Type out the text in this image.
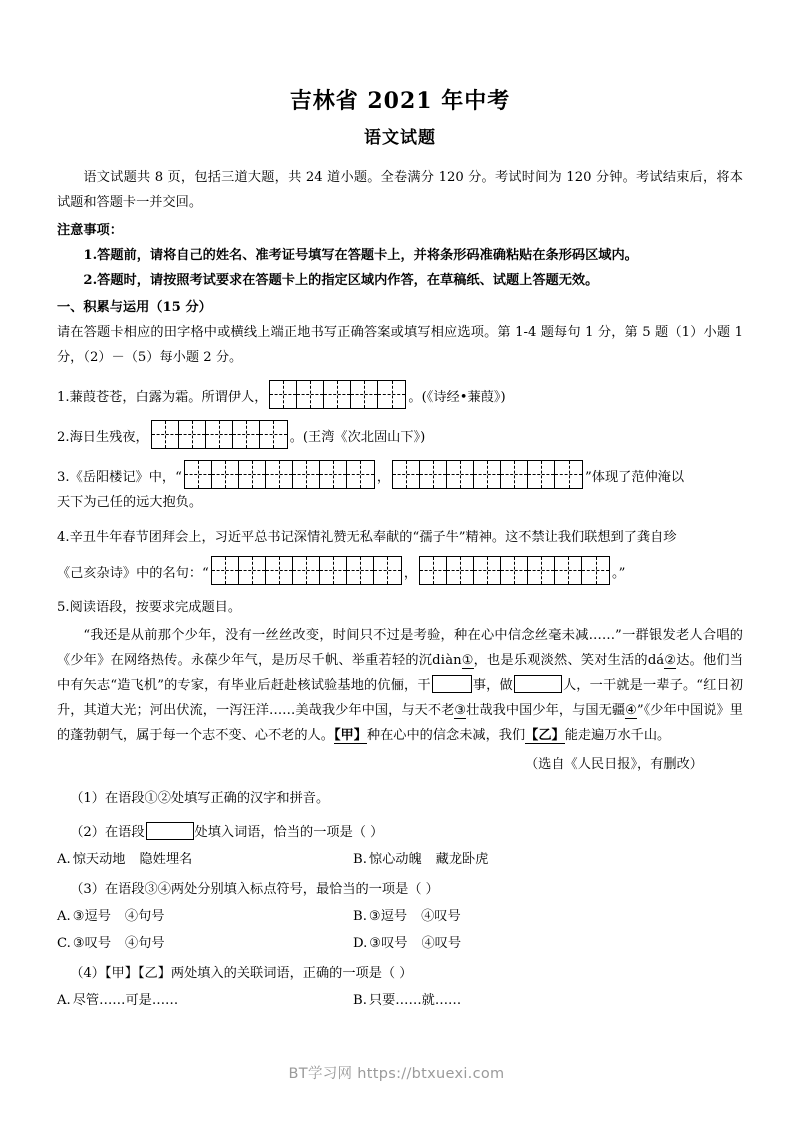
吉林省 2021 年中考
语文试题

语文试题共 8 页，包括三道大题，共 24 道小题。全卷满分 120 分。考试时间为 120 分钟。考试结束后，将本试题和答题卡一并交回。

注意事项：

1.答题前，请将自己的姓名、准考证号填写在答题卡上，并将条形码准确粘贴在条形码区域内。

2.答题时，请按照考试要求在答题卡上的指定区域内作答，在草稿纸、试题上答题无效。

一、积累与运用（15 分）

请在答题卡相应的田字格中或横线上端正地书写正确答案或填写相应选项。第 1-4 题每句 1 分，第 5 题（1）小题 1 分，（2）－（5）每小题 2 分。

1. 蒹葭苍苍，白露为霜。所谓伊人，	。(《诗经•蒹葭》)
2. 海日生残夜，	。(王湾《次北固山下》)
3. 《岳阳楼记》中，“	，	”体现了范仲淹以
天下为己任的远大抱负。
4.辛丑牛年春节团拜会上，习近平总书记深情礼赞无私奉献的“孺子牛”精神。这不禁让我们联想到了龚自珍
《己亥杂诗》中的名句：“	，	。”

5.阅读语段，按要求完成题目。

“我还是从前那个少年，没有一丝丝改变，时间只不过是考验，种在心中信念丝毫未减……”一群银发老人合唱的《少年》在网络热传。永葆少年气，是历尽千帆、举重若轻的沉ⅾⅰàn①，也是乐观淡然、笑对生活的dá②达。他们当中有矢志“造飞机”的专家，有毕业后赶赴核试验基地的伉俪，干	事，做	人，一干就是一辈子。“红日初升，其道大光；河出伏流，一泻汪洋……美哉我少年中国，与天不老③壮哉我中国少年，与国无疆④”《少年中国说》里的蓬勃朝气，属于每一个志不变、心不老的人。【甲】种在心中的信念未减，我们【乙】能走遍万水千山。

（选自《人民日报》，有删改）

（1）在语段①②处填写正确的汉字和拼音。

（2）在语段	处填入词语，恰当的一项是（ ）

A. 惊天动地 隐姓埋名	B. 惊心动魄 藏龙卧虎

（3）在语段③④两处分别填入标点符号，最恰当的一项是（ ）

A. ③逗号 ④句号	B. ③逗号 ④叹号
C. ③叹号 ④句号	D. ③叹号 ④叹号

（4）【甲】【乙】两处填入的关联词语，正确的一项是（ ）

A. 尽管……可是……	B. 只要……就……
BT学习网 https://btxuexi.com
